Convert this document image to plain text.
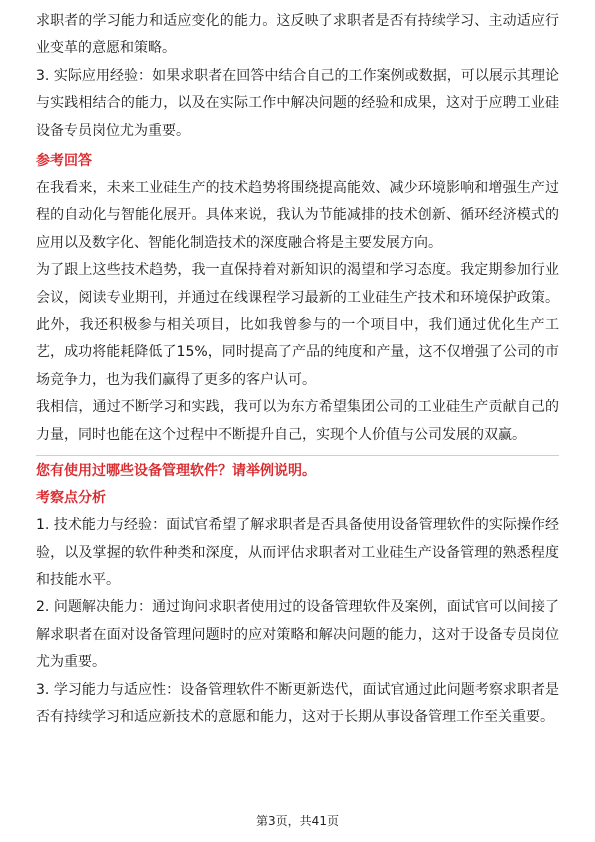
求职者的学习能力和适应变化的能力。这反映了求职者是否有持续学习、主动适应行业变革的意愿和策略。

3. 实际应用经验：如果求职者在回答中结合自己的工作案例或数据，可以展示其理论与实践相结合的能力，以及在实际工作中解决问题的经验和成果，这对于应聘工业硅设备专员岗位尤为重要。

参考回答

在我看来，未来工业硅生产的技术趋势将围绕提高能效、减少环境影响和增强生产过程的自动化与智能化展开。具体来说，我认为节能减排的技术创新、循环经济模式的应用以及数字化、智能化制造技术的深度融合将是主要发展方向。

为了跟上这些技术趋势，我一直保持着对新知识的渴望和学习态度。我定期参加行业会议，阅读专业期刊，并通过在线课程学习最新的工业硅生产技术和环境保护政策。此外，我还积极参与相关项目，比如我曾参与的一个项目中，我们通过优化生产工艺，成功将能耗降低了15%，同时提高了产品的纯度和产量，这不仅增强了公司的市场竞争力，也为我们赢得了更多的客户认可。

我相信，通过不断学习和实践，我可以为东方希望集团公司的工业硅生产贡献自己的力量，同时也能在这个过程中不断提升自己，实现个人价值与公司发展的双赢。

您有使用过哪些设备管理软件？请举例说明。
考察点分析

1. 技术能力与经验：面试官希望了解求职者是否具备使用设备管理软件的实际操作经验，以及掌握的软件种类和深度，从而评估求职者对工业硅生产设备管理的熟悉程度和技能水平。

2. 问题解决能力：通过询问求职者使用过的设备管理软件及案例，面试官可以间接了解求职者在面对设备管理问题时的应对策略和解决问题的能力，这对于设备专员岗位尤为重要。

3. 学习能力与适应性：设备管理软件不断更新迭代，面试官通过此问题考察求职者是否有持续学习和适应新技术的意愿和能力，这对于长期从事设备管理工作至关重要。

第3页，共41页
